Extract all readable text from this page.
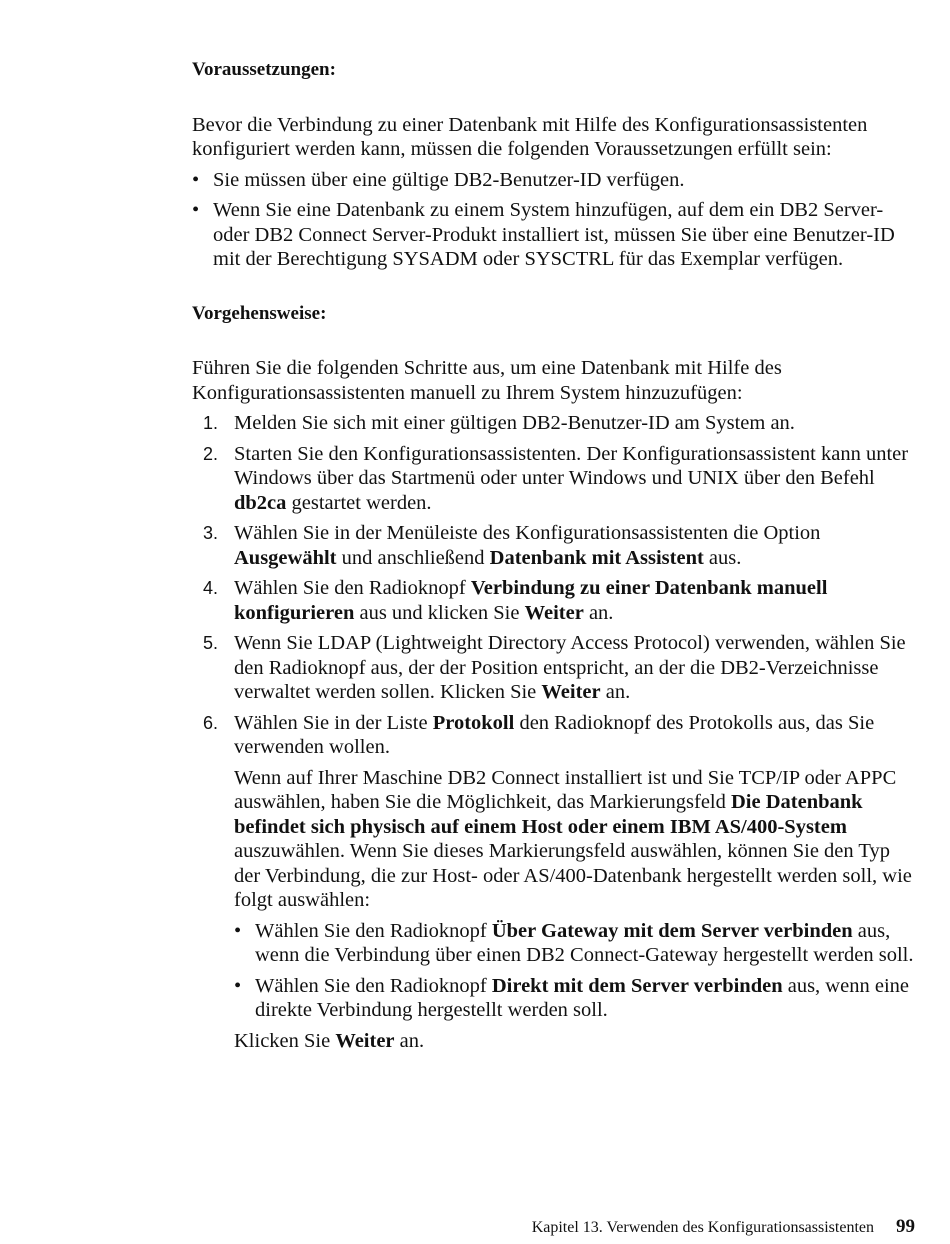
Voraussetzungen:

Bevor die Verbindung zu einer Datenbank mit Hilfe des Konfigurationsassistenten konfiguriert werden kann, müssen die folgenden Voraussetzungen erfüllt sein:

• Sie müssen über eine gültige DB2-Benutzer-ID verfügen.
• Wenn Sie eine Datenbank zu einem System hinzufügen, auf dem ein DB2 Server- oder DB2 Connect Server-Produkt installiert ist, müssen Sie über eine Benutzer-ID mit der Berechtigung SYSADM oder SYSCTRL für das Exemplar verfügen.
Vorgehensweise:

Führen Sie die folgenden Schritte aus, um eine Datenbank mit Hilfe des Konfigurationsassistenten manuell zu Ihrem System hinzuzufügen:

1. Melden Sie sich mit einer gültigen DB2-Benutzer-ID am System an.
2. Starten Sie den Konfigurationsassistenten. Der Konfigurationsassistent kann unter Windows über das Startmenü oder unter Windows und UNIX über den Befehl db2ca gestartet werden.
3. Wählen Sie in der Menüleiste des Konfigurationsassistenten die Option Ausgewählt und anschließend Datenbank mit Assistent aus.
4. Wählen Sie den Radioknopf Verbindung zu einer Datenbank manuell konfigurieren aus und klicken Sie Weiter an.
5. Wenn Sie LDAP (Lightweight Directory Access Protocol) verwenden, wählen Sie den Radioknopf aus, der der Position entspricht, an der die DB2-Verzeichnisse verwaltet werden sollen. Klicken Sie Weiter an.
6. Wählen Sie in der Liste Protokoll den Radioknopf des Protokolls aus, das Sie verwenden wollen.

Wenn auf Ihrer Maschine DB2 Connect installiert ist und Sie TCP/IP oder APPC auswählen, haben Sie die Möglichkeit, das Markierungsfeld Die Datenbank befindet sich physisch auf einem Host oder einem IBM AS/400-System auszuwählen. Wenn Sie dieses Markierungsfeld auswählen, können Sie den Typ der Verbindung, die zur Host- oder AS/400-Datenbank hergestellt werden soll, wie folgt auswählen:

• Wählen Sie den Radioknopf Über Gateway mit dem Server verbinden aus, wenn die Verbindung über einen DB2 Connect-Gateway hergestellt werden soll.
• Wählen Sie den Radioknopf Direkt mit dem Server verbinden aus, wenn eine direkte Verbindung hergestellt werden soll.

Klicken Sie Weiter an.

Kapitel 13. Verwenden des Konfigurationsassistenten 99
